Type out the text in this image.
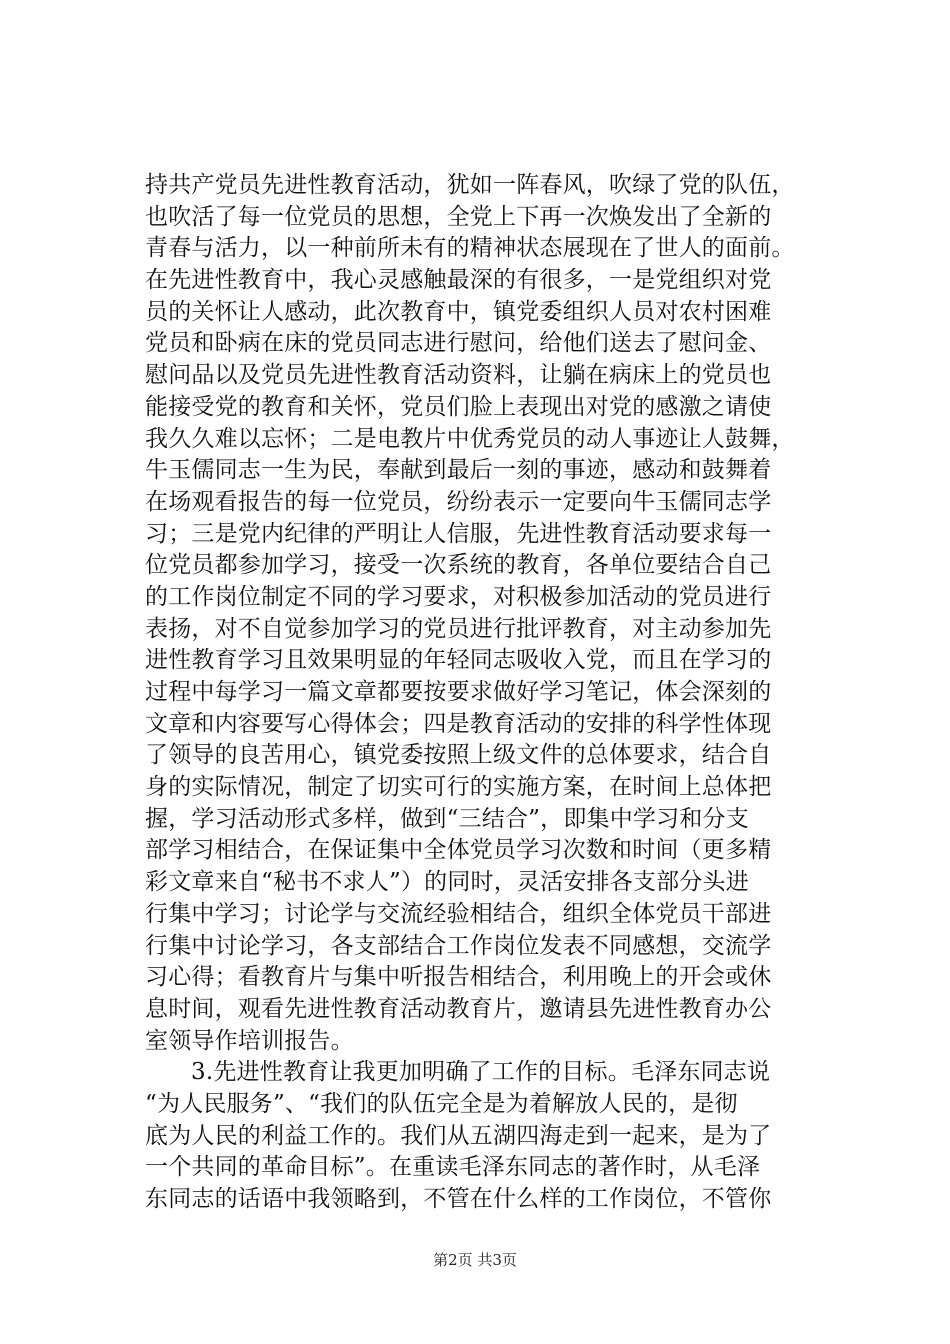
持共产党员先进性教育活动，犹如一阵春风，吹绿了党的队伍，
也吹活了每一位党员的思想，全党上下再一次焕发出了全新的
青春与活力，以一种前所未有的精神状态展现在了世人的面前。
在先进性教育中，我心灵感触最深的有很多，一是党组织对党
员的关怀让人感动，此次教育中，镇党委组织人员对农村困难
党员和卧病在床的党员同志进行慰问，给他们送去了慰问金、
慰问品以及党员先进性教育活动资料，让躺在病床上的党员也
能接受党的教育和关怀，党员们脸上表现出对党的感激之请使
我久久难以忘怀；二是电教片中优秀党员的动人事迹让人鼓舞，
牛玉儒同志一生为民，奉献到最后一刻的事迹，感动和鼓舞着
在场观看报告的每一位党员，纷纷表示一定要向牛玉儒同志学
习；三是党内纪律的严明让人信服，先进性教育活动要求每一
位党员都参加学习，接受一次系统的教育，各单位要结合自己
的工作岗位制定不同的学习要求，对积极参加活动的党员进行
表扬，对不自觉参加学习的党员进行批评教育，对主动参加先
进性教育学习且效果明显的年轻同志吸收入党，而且在学习的
过程中每学习一篇文章都要按要求做好学习笔记，体会深刻的
文章和内容要写心得体会；四是教育活动的安排的科学性体现
了领导的良苦用心，镇党委按照上级文件的总体要求，结合自
身的实际情况，制定了切实可行的实施方案，在时间上总体把
握，学习活动形式多样，做到“三结合”，即集中学习和分支
部学习相结合，在保证集中全体党员学习次数和时间（更多精
彩文章来自“秘书不求人”）的同时，灵活安排各支部分头进
行集中学习；讨论学与交流经验相结合，组织全体党员干部进
行集中讨论学习，各支部结合工作岗位发表不同感想，交流学
习心得；看教育片与集中听报告相结合，利用晚上的开会或休
息时间，观看先进性教育活动教育片，邀请县先进性教育办公
室领导作培训报告。
3.先进性教育让我更加明确了工作的目标。毛泽东同志说
“为人民服务”、“我们的队伍完全是为着解放人民的，是彻
底为人民的利益工作的。我们从五湖四海走到一起来，是为了
一个共同的革命目标”。在重读毛泽东同志的著作时，从毛泽
东同志的话语中我领略到，不管在什么样的工作岗位，不管你
第2页 共3页
